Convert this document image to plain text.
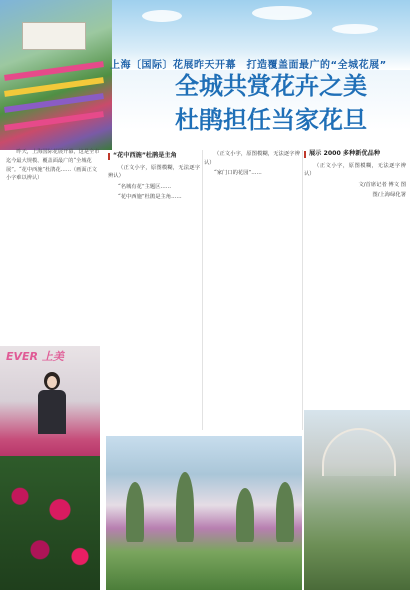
上海〔国际〕花展昨天开幕　打造覆盖面最广的“全城花展”
全城共赏花卉之美
杜鹃担任当家花旦
　　昨天，上海国际花展开幕，这是全市迄今最大规模、覆盖面最广的“全城花展”。“花中西施”杜鹃花……（画面正文小字难以辨认）
EVER 上美
“花中西施”杜鹃是主角

（正文小字，原图模糊，无法逐字辨认）

“名城有花”主题区……

“花中西施”杜鹃是主角……

（正文小字，原图模糊，无法逐字辨认）

“家门口的花园”……

展示 2000 多种新优品种

（正文小字，原图模糊，无法逐字辨认）

文/首席记者 傅文 图
图/上海绿化署
